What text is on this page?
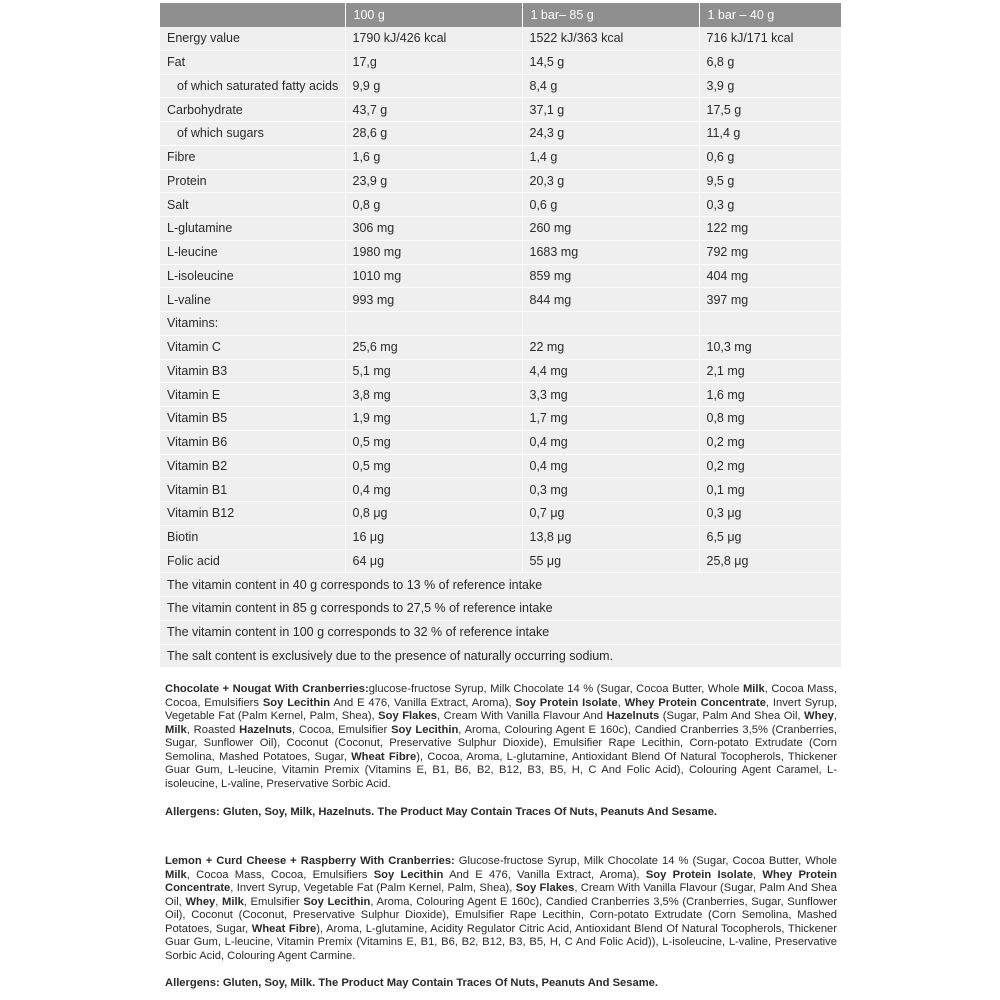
	100 g	1 bar– 85 g	1 bar – 40 g
Energy value	1790 kJ/426 kcal	1522 kJ/363 kcal	716 kJ/171 kcal
Fat	17,g	14,5 g	6,8 g
of which saturated fatty acids	9,9 g	8,4 g	3,9 g
Carbohydrate	43,7 g	37,1 g	17,5 g
of which sugars	28,6 g	24,3 g	11,4 g
Fibre	1,6 g	1,4 g	0,6 g
Protein	23,9 g	20,3 g	9,5 g
Salt	0,8 g	0,6 g	0,3 g
L-glutamine	306 mg	260 mg	122 mg
L-leucine	1980 mg	1683 mg	792 mg
L-isoleucine	1010 mg	859 mg	404 mg
L-valine	993 mg	844 mg	397 mg
Vitamins:			
Vitamin C	25,6 mg	22 mg	10,3 mg
Vitamin B3	5,1 mg	4,4 mg	2,1 mg
Vitamin E	3,8 mg	3,3 mg	1,6 mg
Vitamin B5	1,9 mg	1,7 mg	0,8 mg
Vitamin B6	0,5 mg	0,4 mg	0,2 mg
Vitamin B2	0,5 mg	0,4 mg	0,2 mg
Vitamin B1	0,4 mg	0,3 mg	0,1 mg
Vitamin B12	0,8 μg	0,7 μg	0,3 μg
Biotin	16 μg	13,8 μg	6,5 μg
Folic acid	64 μg	55 μg	25,8 μg
The vitamin content in 40 g corresponds to 13 % of reference intake			
The vitamin content in 85 g corresponds to 27,5 % of reference intake			
The vitamin content in 100 g corresponds to 32 % of reference intake			
The salt content is exclusively due to the presence of naturally occurring sodium.			
Chocolate + Nougat With Cranberries:glucose-fructose Syrup, Milk Chocolate 14 % (Sugar, Cocoa Butter, Whole Milk, Cocoa Mass, Cocoa, Emulsifiers Soy Lecithin And E 476, Vanilla Extract, Aroma), Soy Protein Isolate, Whey Protein Concentrate, Invert Syrup, Vegetable Fat (Palm Kernel, Palm, Shea), Soy Flakes, Cream With Vanilla Flavour And Hazelnuts (Sugar, Palm And Shea Oil, Whey, Milk, Roasted Hazelnuts, Cocoa, Emulsifier Soy Lecithin, Aroma, Colouring Agent E 160c), Candied Cranberries 3,5% (Cranberries, Sugar, Sunflower Oil), Coconut (Coconut, Preservative Sulphur Dioxide), Emulsifier Rape Lecithin, Corn-potato Extrudate (Corn Semolina, Mashed Potatoes, Sugar, Wheat Fibre), Cocoa, Aroma, L-glutamine, Antioxidant Blend Of Natural Tocopherols, Thickener Guar Gum, L-leucine, Vitamin Premix (Vitamins E, B1, B6, B2, B12, B3, B5, H, C And Folic Acid), Colouring Agent Caramel, L-isoleucine, L-valine, Preservative Sorbic Acid.
Allergens: Gluten, Soy, Milk, Hazelnuts. The Product May Contain Traces Of Nuts, Peanuts And Sesame.
Lemon + Curd Cheese + Raspberry With Cranberries: Glucose-fructose Syrup, Milk Chocolate 14 % (Sugar, Cocoa Butter, Whole Milk, Cocoa Mass, Cocoa, Emulsifiers Soy Lecithin And E 476, Vanilla Extract, Aroma), Soy Protein Isolate, Whey Protein Concentrate, Invert Syrup, Vegetable Fat (Palm Kernel, Palm, Shea), Soy Flakes, Cream With Vanilla Flavour (Sugar, Palm And Shea Oil, Whey, Milk, Emulsifier Soy Lecithin, Aroma, Colouring Agent E 160c), Candied Cranberries 3,5% (Cranberries, Sugar, Sunflower Oil), Coconut (Coconut, Preservative Sulphur Dioxide), Emulsifier Rape Lecithin, Corn-potato Extrudate (Corn Semolina, Mashed Potatoes, Sugar, Wheat Fibre), Aroma, L-glutamine, Acidity Regulator Citric Acid, Antioxidant Blend Of Natural Tocopherols, Thickener Guar Gum, L-leucine, Vitamin Premix (Vitamins E, B1, B6, B2, B12, B3, B5, H, C And Folic Acid)), L-isoleucine, L-valine, Preservative Sorbic Acid, Colouring Agent Carmine.
Allergens: Gluten, Soy, Milk. The Product May Contain Traces Of Nuts, Peanuts And Sesame.
